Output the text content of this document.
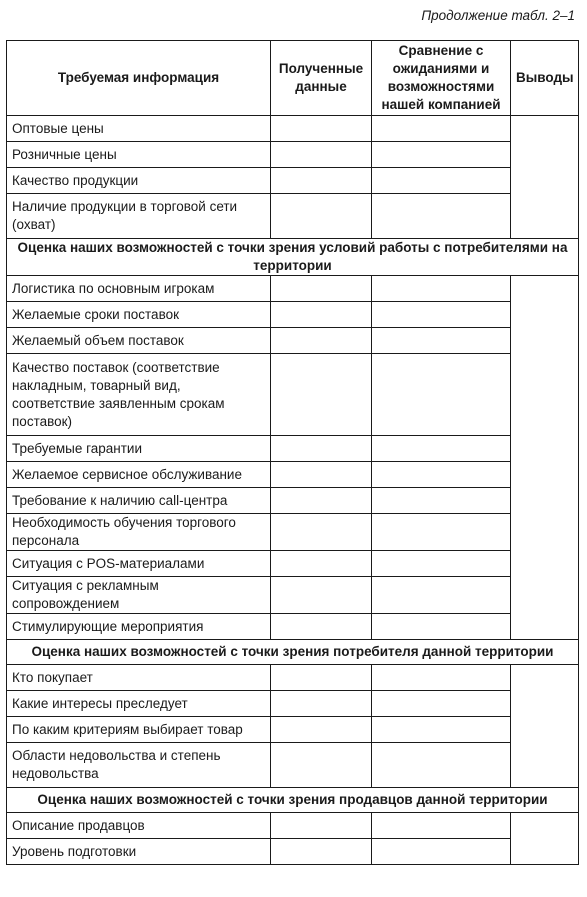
Продолжение табл. 2–1
Требуемая информация	Полученные данные	Сравнение с ожиданиями и возможностями нашей компанией	Выводы
Оптовые цены			
Розничные цены			
Качество продукции			
Наличие продукции в торговой сети (охват)			
Оценка наших возможностей с точки зрения условий работы с потребителями на территории			
Логистика по основным игрокам			
Желаемые сроки поставок			
Желаемый объем поставок			
Качество поставок (соответствие накладным, товарный вид, соответствие заявленным срокам поставок)			
Требуемые гарантии			
Желаемое сервисное обслуживание			
Требование к наличию call-центра			
Необходимость обучения торгового персонала			
Ситуация с POS-материалами			
Ситуация с рекламным сопровождением			
Стимулирующие мероприятия			
Оценка наших возможностей с точки зрения потребителя данной территории			
Кто покупает			
Какие интересы преследует			
По каким критериям выбирает товар			
Области недовольства и степень недовольства			
Оценка наших возможностей с точки зрения продавцов данной территории			
Описание продавцов			
Уровень подготовки			
